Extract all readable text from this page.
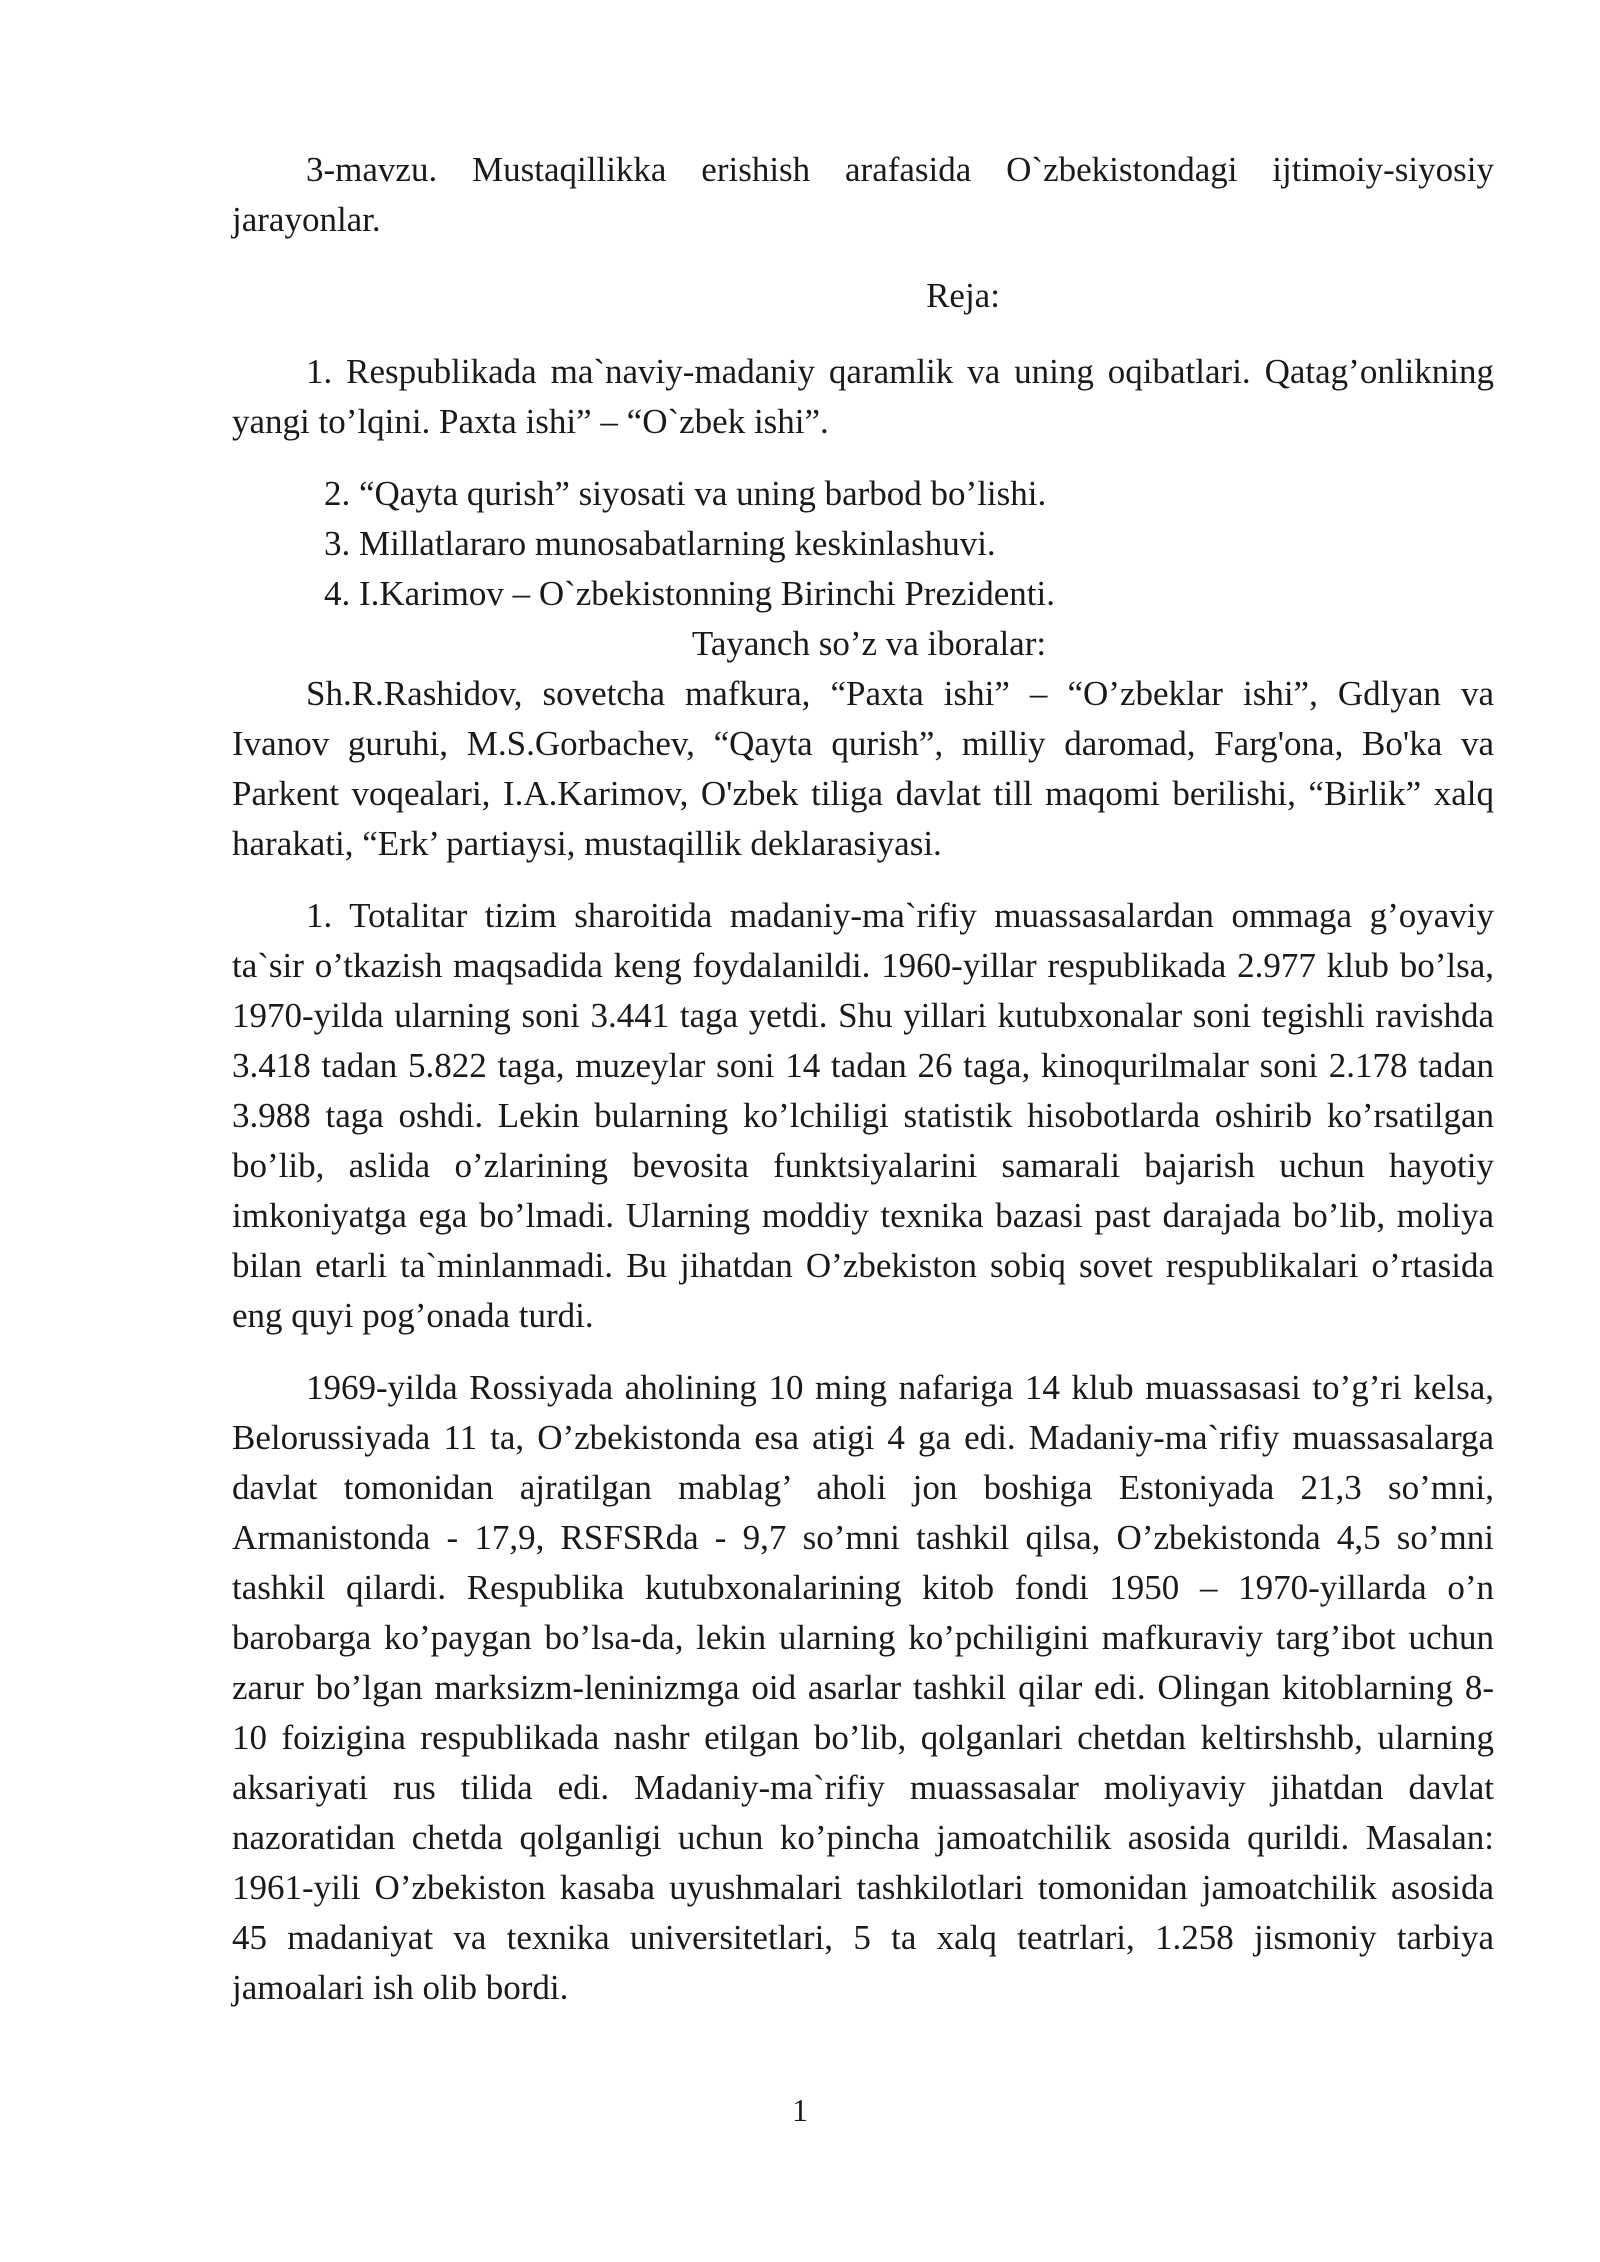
3-mavzu. Mustaqillikka erishish arafasida O`zbekistondagi ijtimoiy-siyosiy jarayonlar.

Reja:

1. Respublikada ma`naviy-madaniy qaramlik va uning oqibatlari. Qatag’onlikning yangi to’lqini. Paxta ishi” – “O`zbek ishi”.

2. “Qayta qurish” siyosati va uning barbod bo’lishi.

3. Millatlararo munosabatlarning keskinlashuvi.

4. I.Karimov – O`zbekistonning Birinchi Prezidenti.

Tayanch so’z va iboralar:

Sh.R.Rashidov, sovetcha mafkura, “Paxta ishi” – “O’zbeklar ishi”, Gdlyan va Ivanov guruhi, M.S.Gorbachev, “Qayta qurish”, milliy daromad, Farg'ona, Bo'ka va Parkent voqealari, I.A.Karimov, O'zbek tiliga davlat till maqomi berilishi, “Birlik” xalq harakati, “Erk’ partiaysi, mustaqillik deklarasiyasi.

1. Totalitar tizim sharoitida madaniy-ma`rifiy muassasalardan ommaga g’oyaviy ta`sir o’tkazish maqsadida keng foydalanildi. 1960-yillar respublikada 2.977 klub bo’lsa, 1970-yilda ularning soni 3.441 taga yetdi. Shu yillari kutubxonalar soni tegishli ravishda 3.418 tadan 5.822 taga, muzeylar soni 14 tadan 26 taga, kinoqurilmalar soni 2.178 tadan 3.988 taga oshdi. Lekin bularning ko’lchiligi statistik hisobotlarda oshirib ko’rsatilgan bo’lib, aslida o’zlarining bevosita funktsiyalarini samarali bajarish uchun hayotiy imkoniyatga ega bo’lmadi. Ularning moddiy texnika bazasi past darajada bo’lib, moliya bilan etarli ta`minlanmadi. Bu jihatdan O’zbekiston sobiq sovet respublikalari o’rtasida eng quyi pog’onada turdi.

1969-yilda Rossiyada aholining 10 ming nafariga 14 klub muassasasi to’g’ri kelsa, Belorussiyada 11 ta, O’zbekistonda esa atigi 4 ga edi. Madaniy-ma`rifiy muassasalarga davlat tomonidan ajratilgan mablag’ aholi jon boshiga Estoniyada 21,3 so’mni, Armanistonda - 17,9, RSFSRda - 9,7 so’mni tashkil qilsa, O’zbekistonda 4,5 so’mni tashkil qilardi. Respublika kutubxonalarining kitob fondi 1950 – 1970-yillarda o’n barobarga ko’paygan bo’lsa-da, lekin ularning ko’pchiligini mafkuraviy targ’ibot uchun zarur bo’lgan marksizm-leninizmga oid asarlar tashkil qilar edi. Olingan kitoblarning 8-10 foizigina respublikada nashr etilgan bo’lib, qolganlari chetdan keltirshshb, ularning aksariyati rus tilida edi. Madaniy-ma`rifiy muassasalar moliyaviy jihatdan davlat nazoratidan chetda qolganligi uchun ko’pincha jamoatchilik asosida qurildi. Masalan: 1961-yili O’zbekiston kasaba uyushmalari tashkilotlari tomonidan jamoatchilik asosida 45 madaniyat va texnika universitetlari, 5 ta xalq teatrlari, 1.258 jismoniy tarbiya jamoalari ish olib bordi.

1
